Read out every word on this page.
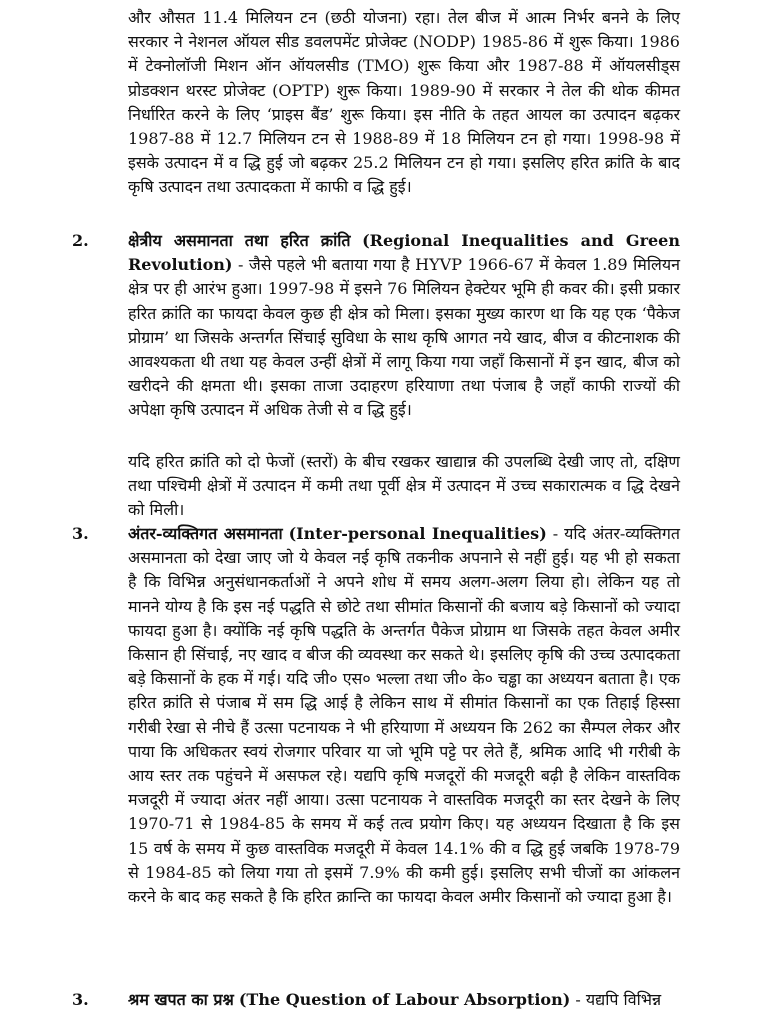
और औसत 11.4 मिलियन टन (छठी योजना) रहा। तेल बीज में आत्म निर्भर बनने के लिए सरकार ने नेशनल ऑयल सीड डवलपमेंट प्रोजेक्ट (NODP) 1985-86 में शुरू किया। 1986 में टेक्नोलॉजी मिशन ऑन ऑयलसीड (TMO) शुरू किया और 1987-88 में ऑयलसीड्स प्रोडक्शन थरस्ट प्रोजेक्ट (OPTP) शुरू किया। 1989-90 में सरकार ने तेल की थोक कीमत निर्धारित करने के लिए ‘प्राइस बैंड’ शुरू किया। इस नीति के तहत आयल का उत्पादन बढ़कर 1987-88 में 12.7 मिलियन टन से 1988-89 में 18 मिलियन टन हो गया। 1998-98 में इसके उत्पादन में व द्धि हुई जो बढ़कर 25.2 मिलियन टन हो गया। इसलिए हरित क्रांति के बाद कृषि उत्पादन तथा उत्पादकता में काफी व द्धि हुई।

2. क्षेत्रीय असमानता तथा हरित क्रांति (Regional Inequalities and Green Revolution) - जैसे पहले भी बताया गया है HYVP 1966-67 में केवल 1.89 मिलियन क्षेत्र पर ही आरंभ हुआ। 1997-98 में इसने 76 मिलियन हेक्टेयर भूमि ही कवर की। इसी प्रकार हरित क्रांति का फायदा केवल कुछ ही क्षेत्र को मिला। इसका मुख्य कारण था कि यह एक ‘पैकेज प्रोग्राम’ था जिसके अन्तर्गत सिंचाई सुविधा के साथ कृषि आगत नये खाद, बीज व कीटनाशक की आवश्यकता थी तथा यह केवल उन्हीं क्षेत्रों में लागू किया गया जहाँ किसानों में इन खाद, बीज को खरीदने की क्षमता थी। इसका ताजा उदाहरण हरियाणा तथा पंजाब है जहाँ काफी राज्यों की अपेक्षा कृषि उत्पादन में अधिक तेजी से व द्धि हुई।

यदि हरित क्रांति को दो फेजों (स्तरों) के बीच रखकर खाद्यान्न की उपलब्धि देखी जाए तो, दक्षिण तथा पश्चिमी क्षेत्रों में उत्पादन में कमी तथा पूर्वी क्षेत्र में उत्पादन में उच्च सकारात्मक व द्धि देखने को मिली।

3. अंतर-व्यक्तिगत असमानता (Inter-personal Inequalities) - यदि अंतर-व्यक्तिगत असमानता को देखा जाए जो ये केवल नई कृषि तकनीक अपनाने से नहीं हुई। यह भी हो सकता है कि विभिन्न अनुसंधानकर्ताओं ने अपने शोध में समय अलग-अलग लिया हो। लेकिन यह तो मानने योग्य है कि इस नई पद्धति से छोटे तथा सीमांत किसानों की बजाय बड़े किसानों को ज्यादा फायदा हुआ है। क्योंकि नई कृषि पद्धति के अन्तर्गत पैकेज प्रोग्राम था जिसके तहत केवल अमीर किसान ही सिंचाई, नए खाद व बीज की व्यवस्था कर सकते थे। इसलिए कृषि की उच्च उत्पादकता बड़े किसानों के हक में गई। यदि जी० एस० भल्ला तथा जी० के० चड्ढा का अध्ययन बताता है। एक हरित क्रांति से पंजाब में सम द्धि आई है लेकिन साथ में सीमांत किसानों का एक तिहाई हिस्सा गरीबी रेखा से नीचे हैं उत्सा पटनायक ने भी हरियाणा में अध्ययन कि 262 का सैम्पल लेकर और पाया कि अधिकतर स्वयं रोजगार परिवार या जो भूमि पट्टे पर लेते हैं, श्रमिक आदि भी गरीबी के आय स्तर तक पहुंचने में असफल रहे। यद्यपि कृषि मजदूरों की मजदूरी बढ़ी है लेकिन वास्तविक मजदूरी में ज्यादा अंतर नहीं आया। उत्सा पटनायक ने वास्तविक मजदूरी का स्तर देखने के लिए 1970-71 से 1984-85 के समय में कई तत्व प्रयोग किए। यह अध्ययन दिखाता है कि इस 15 वर्ष के समय में कुछ वास्तविक मजदूरी में केवल 14.1% की व द्धि हुई जबकि 1978-79 से 1984-85 को लिया गया तो इसमें 7.9% की कमी हुई। इसलिए सभी चीजों का आंकलन करने के बाद कह सकते है कि हरित क्रान्ति का फायदा केवल अमीर किसानों को ज्यादा हुआ है।

3. श्रम खपत का प्रश्न (The Question of Labour Absorption) - यद्यपि विभिन्न
